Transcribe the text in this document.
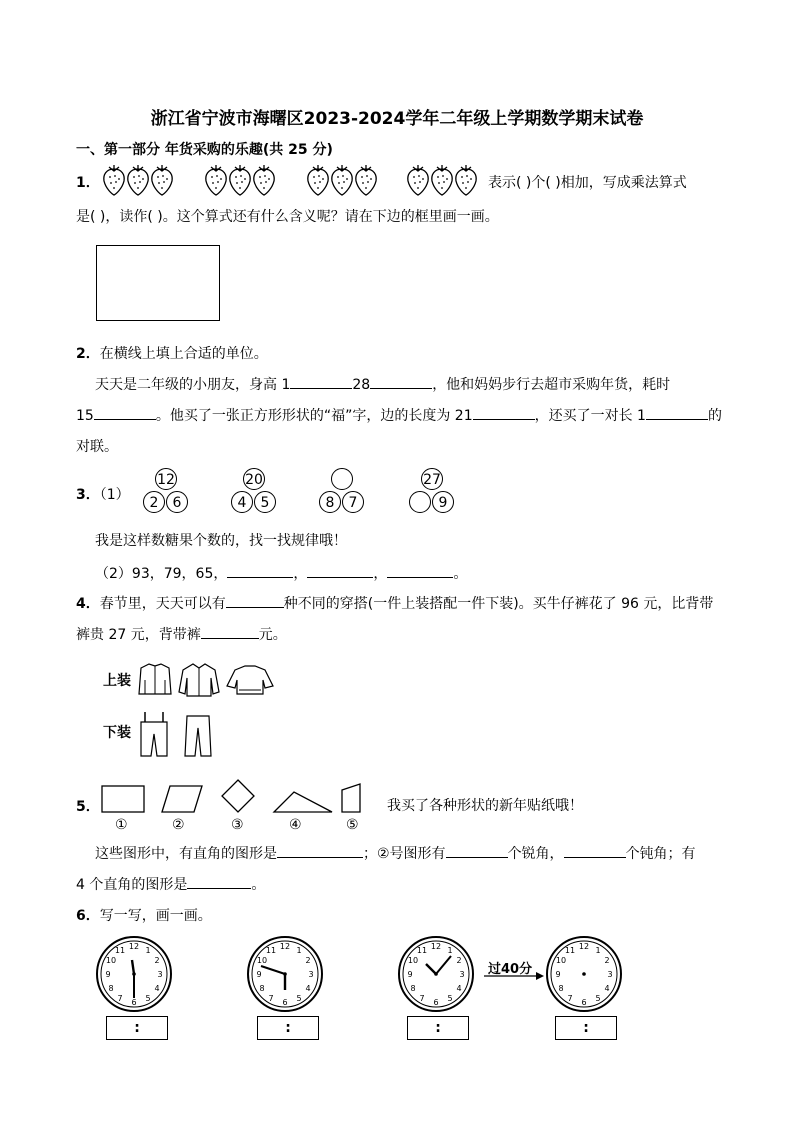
浙江省宁波市海曙区2023-2024学年二年级上学期数学期末试卷
一、第一部分 年货采购的乐趣(共 25 分)
1．	表示( )个( )相加，写成乘法算式
是( )，读作( )。这个算式还有什么含义呢？请在下边的框里画一画。
2．在横线上填上合适的单位。
天天是二年级的小朋友，身高 1	28	，他和妈妈步行去超市采购年货，耗时
15	。他买了一张正方形形状的“福”字，边的长度为 21	，还买了一对长 1	的
对联。
3．（1）
12
2	6
20
4	5	8	7
27
9
我是这样数糖果个数的，找一找规律哦！
（2）93，79，65，	，	，	。
4．春节里，天天可以有	种不同的穿搭(一件上装搭配一件下装)。买牛仔裤花了 96 元，比背带
裤贵 27 元，背带裤	元。
上装
下装
5．
①	②	③	④	⑤
我买了各种形状的新年贴纸哦！
这些图形中，有直角的图形是	；②号图形有	个锐角，	个钝角；有
4 个直角的图形是	。
6．写一写，画一画。
过40分
:	:	:	:
